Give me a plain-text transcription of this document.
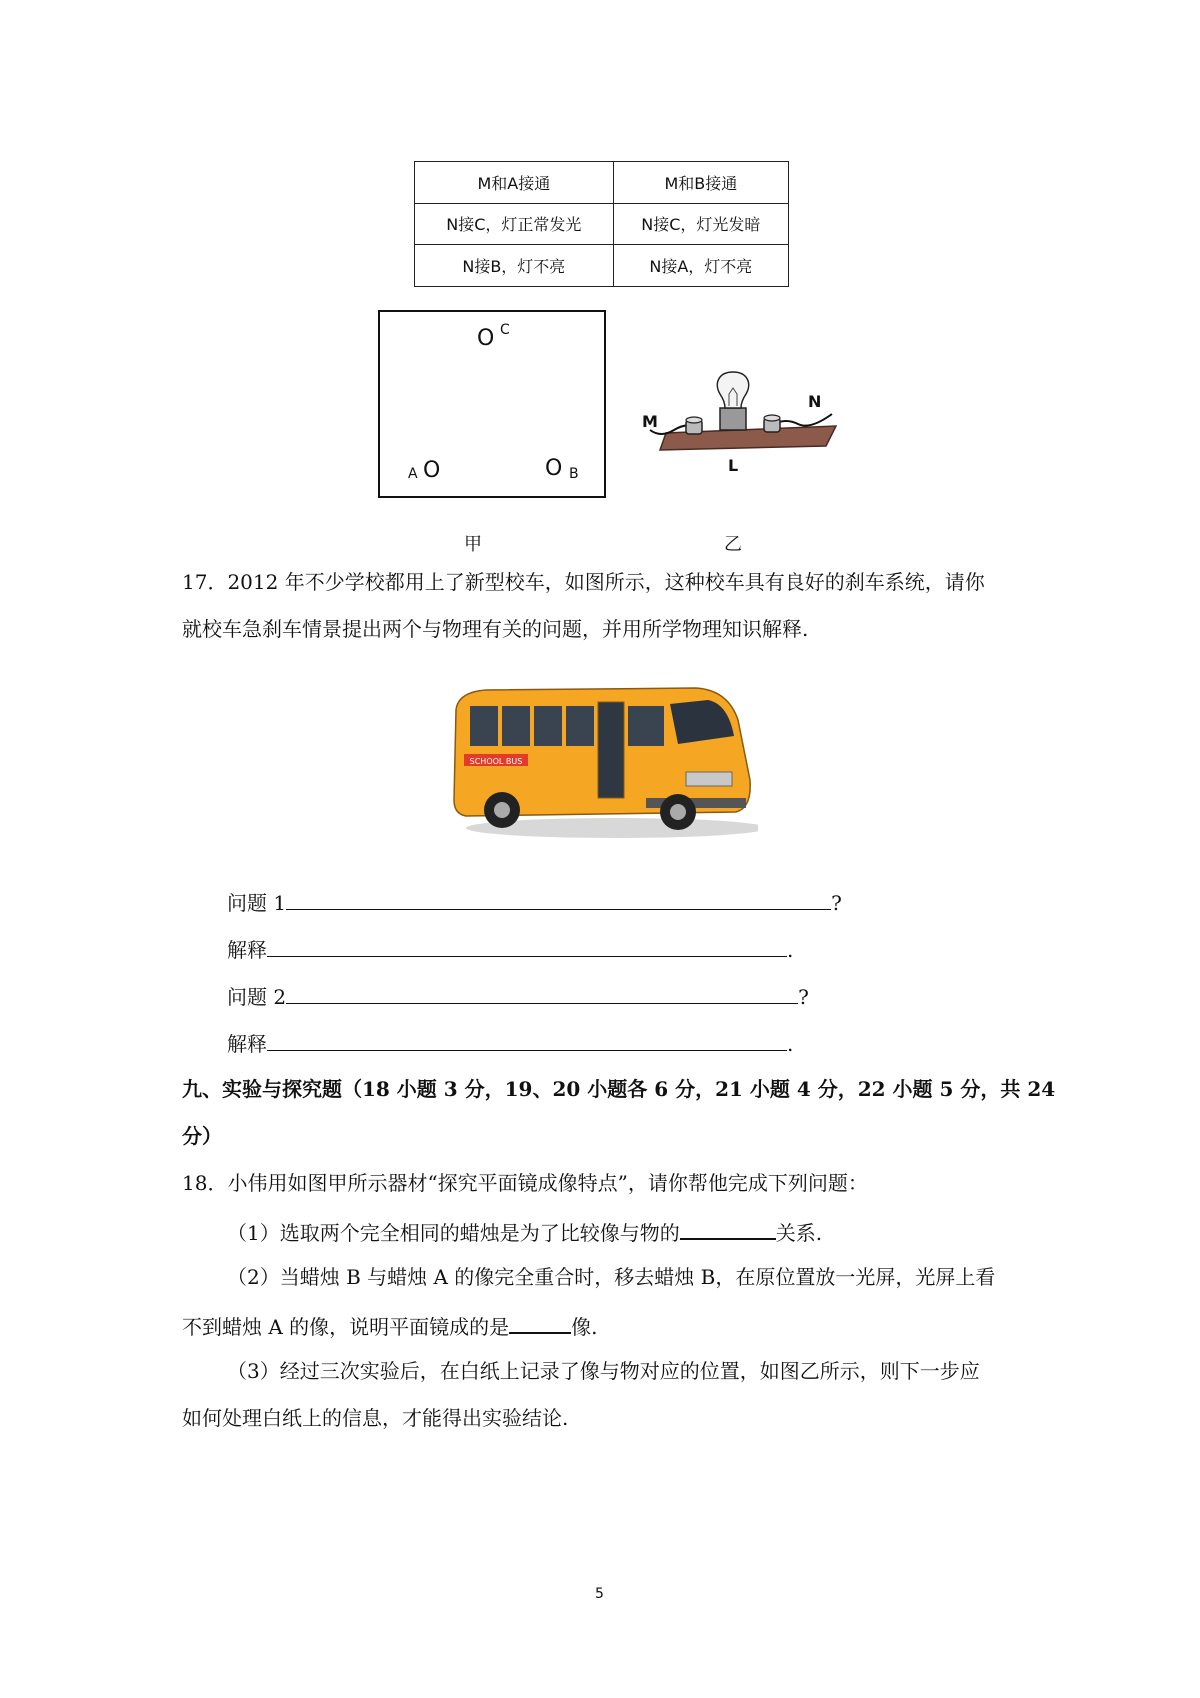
M和A接通	M和B接通
N接C，灯正常发光	N接C，灯光发暗
N接B，灯不亮	N接A，灯不亮
O C
A O	O B
甲
M
N
L
乙
17．2012 年不少学校都用上了新型校车，如图所示，这种校车具有良好的刹车系统，请你
就校车急刹车情景提出两个与物理有关的问题，并用所学物理知识解释.
SCHOOL BUS
问题 1	?
解释	.
问题 2	?
解释	.
九、实验与探究题（18 小题 3 分，19、20 小题各 6 分，21 小题 4 分，22 小题 5 分，共 24
分）
18．小伟用如图甲所示器材“探究平面镜成像特点”，请你帮他完成下列问题：
（1）选取两个完全相同的蜡烛是为了比较像与物的	关系.
（2）当蜡烛 B 与蜡烛 A 的像完全重合时，移去蜡烛 B，在原位置放一光屏，光屏上看
不到蜡烛 A 的像，说明平面镜成的是	像.
（3）经过三次实验后，在白纸上记录了像与物对应的位置，如图乙所示，则下一步应
如何处理白纸上的信息，才能得出实验结论.
5
